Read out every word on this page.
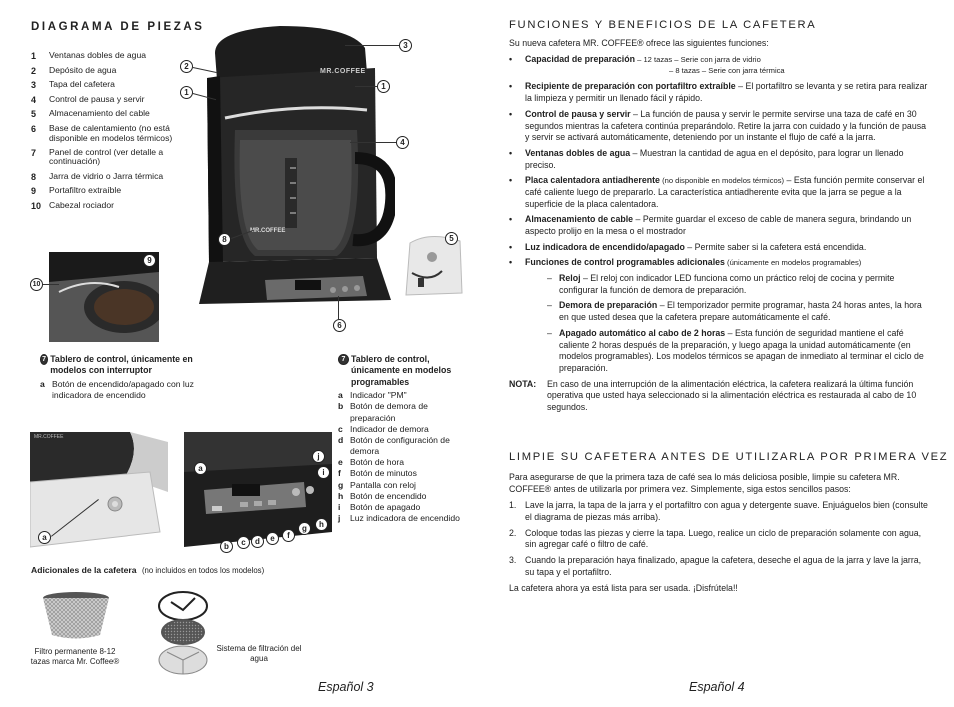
DIAGRAMA DE PIEZAS
1	Ventanas dobles de agua
2	Depósito de agua
3	Tapa del cafetera
4	Control de pausa y servir
5	Almacenamiento del cable
6	Base de calentamiento (no está disponible en modelos térmicos)
7	Panel de control (ver detalle a continuación)
8	Jarra de vidrio o Jarra térmica
9	Portafiltro extraíble
10 Cabezal rociador
MR.COFFEE
MR.COFFEE
2
1
3
1
4
8
6
5
9
10
7 Tablero de control, únicamente en modelos con interruptor
a Botón de encendido/apagado con luz indicadora de encendido
7 Tablero de control, únicamente en modelos programables
a Indicador "PM"
b Botón de demora de preparación
c Indicador de demora
d Botón de configuración de demora
e Botón de hora
f	Botón de minutos
g Pantalla con reloj
h Botón de encendido
i	Botón de apagado
j	Luz indicadora de encendido
MR.COFFEE
a
a
b	c	d	e	f
g	h
i
j
Adicionales de la cafetera (no incluidos en todos los modelos)
Filtro permanente 8-12 tazas marca Mr. Coffee®
Sistema de filtración del agua
Español 3
FUNCIONES Y BENEFICIOS DE LA CAFETERA

Su nueva cafetera MR. COFFEE® ofrece las siguientes funciones:

•	Capacidad de preparación – 12 tazas – Serie con jarra de vidrio
– 8 tazas – Serie con jarra térmica
•	Recipiente de preparación con portafiltro extraíble – El portafiltro se levanta y se retira para realizar la limpieza y permitir un llenado fácil y rápido.
•	Control de pausa y servir – La función de pausa y servir le permite servirse una taza de café en 30 segundos mientras la cafetera continúa preparándolo. Retire la jarra con cuidado y la función de pausa y servir se activará automáticamente, deteniendo por un instante el flujo de café a la jarra.
•	Ventanas dobles de agua – Muestran la cantidad de agua en el depósito, para lograr un llenado preciso.
•	Placa calentadora antiadherente (no disponible en modelos térmicos) – Esta función permite conservar el café caliente luego de prepararlo. La característica antiadherente evita que la jarra se pegue a la superficie de la placa calentadora.
•	Almacenamiento de cable – Permite guardar el exceso de cable de manera segura, brindando un aspecto prolijo en la mesa o el mostrador
•	Luz indicadora de encendido/apagado – Permite saber si la cafetera está encendida.
•	Funciones de control programables adicionales (únicamente en modelos programables)
– Reloj – El reloj con indicador LED funciona como un práctico reloj de cocina y permite configurar la función de demora de preparación.
– Demora de preparación – El temporizador permite programar, hasta 24 horas antes, la hora en que usted desea que la cafetera prepare automáticamente el café.
– Apagado automático al cabo de 2 horas – Esta función de seguridad mantiene el café caliente 2 horas después de la preparación, y luego apaga la unidad automáticamente (en modelos programables). Los modelos térmicos se apagan de inmediato al terminar el ciclo de preparación.
NOTA:	En caso de una interrupción de la alimentación eléctrica, la cafetera realizará la última función operativa que usted haya seleccionado si la alimentación eléctrica es restaurada al cabo de 10 segundos.
LIMPIE SU CAFETERA ANTES DE UTILIZARLA POR PRIMERA VEZ

Para asegurarse de que la primera taza de café sea lo más deliciosa posible, limpie su cafetera MR. COFFEE® antes de utilizarla por primera vez. Simplemente, siga estos sencillos pasos:

1. Lave la jarra, la tapa de la jarra y el portafiltro con agua y detergente suave. Enjuáguelos bien (consulte el diagrama de piezas más arriba).
2. Coloque todas las piezas y cierre la tapa. Luego, realice un ciclo de preparación solamente con agua, sin agregar café o filtro de café.
3. Cuando la preparación haya finalizado, apague la cafetera, deseche el agua de la jarra y lave la jarra, su tapa y el portafiltro.

La cafetera ahora ya está lista para ser usada. ¡Disfrútela!!

Español 4
